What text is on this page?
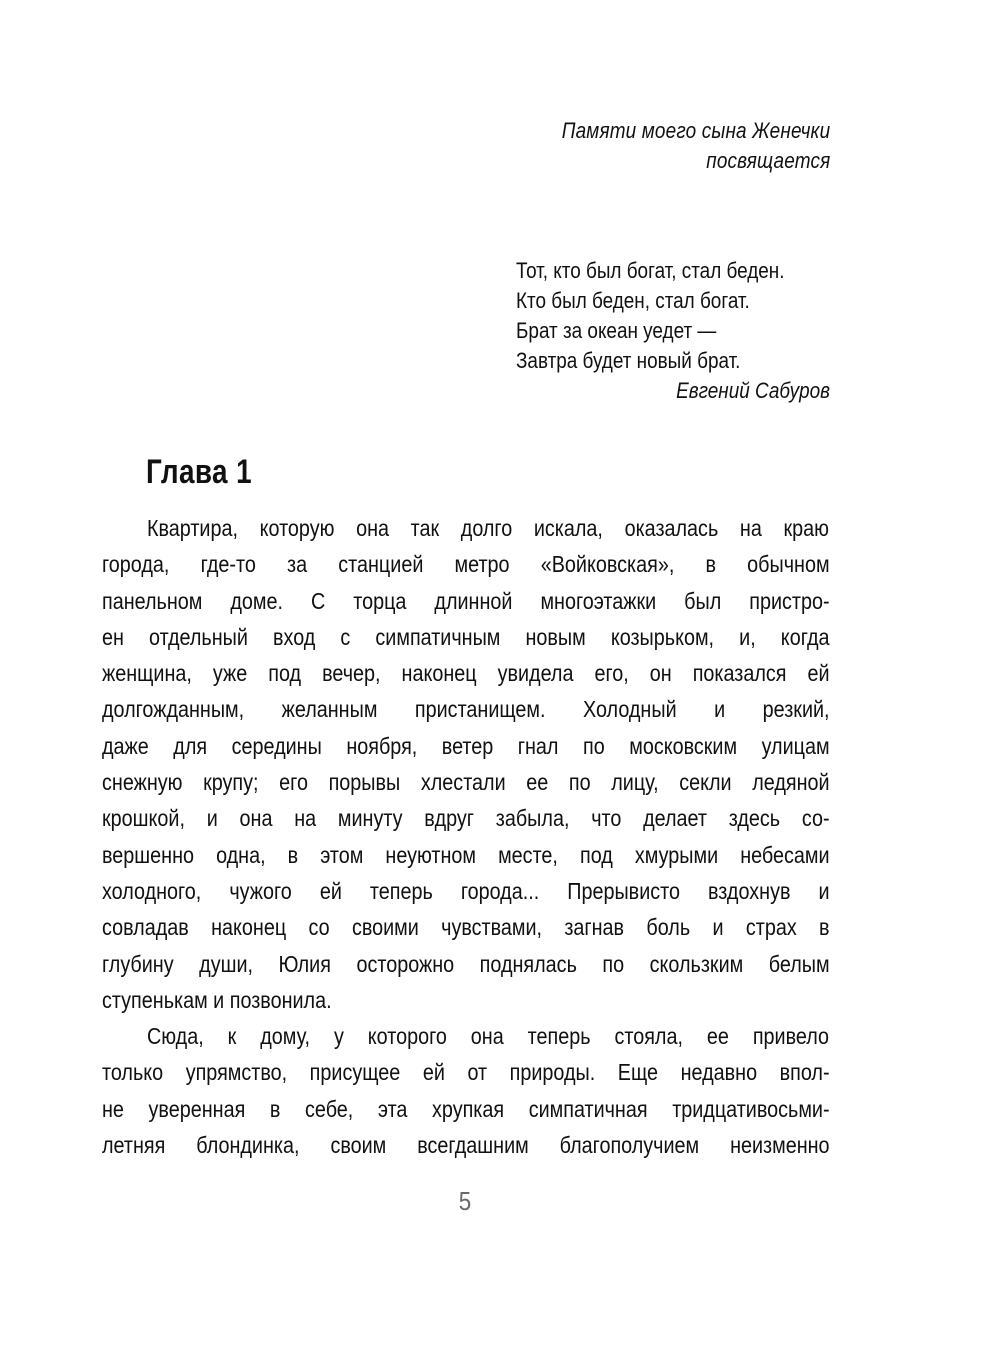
Памяти моего сына Женечки
посвящается
Тот, кто был богат, стал беден.
Кто был беден, стал богат.
Брат за океан уедет —
Завтра будет новый брат.
Евгений Сабуров
Глава 1
Квартира, которую она так долго искала, оказалась на краю
города, где-то за станцией метро «Войковская», в обычном
панельном доме. С торца длинной многоэтажки был пристро-
ен отдельный вход с симпатичным новым козырьком, и, когда
женщина, уже под вечер, наконец увидела его, он показался ей
долгожданным, желанным пристанищем. Холодный и резкий,
даже для середины ноября, ветер гнал по московским улицам
снежную крупу; его порывы хлестали ее по лицу, секли ледяной
крошкой, и она на минуту вдруг забыла, что делает здесь со-
вершенно одна, в этом неуютном месте, под хмурыми небесами
холодного, чужого ей теперь города... Прерывисто вздохнув и
совладав наконец со своими чувствами, загнав боль и страх в
глубину души, Юлия осторожно поднялась по скользким белым
ступенькам и позвонила.
Сюда, к дому, у которого она теперь стояла, ее привело
только упрямство, присущее ей от природы. Еще недавно впол-
не уверенная в себе, эта хрупкая симпатичная тридцативосьми-
летняя блондинка, своим всегдашним благополучием неизменно
5
